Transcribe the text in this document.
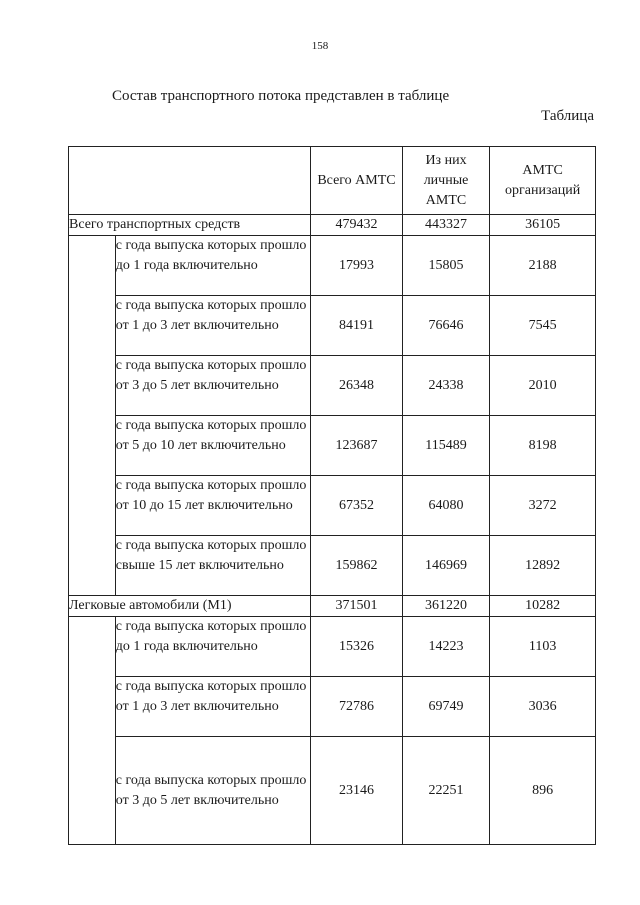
158
Состав транспортного потока представлен в таблице
Таблица
		Всего АМТС	Из них личные АМТС	АМТС организаций
Всего транспортных средств		479432	443327	36105
	с года выпуска которых прошло до 1 года включительно	17993	15805	2188
	с года выпуска которых прошло от 1 до 3 лет включительно	84191	76646	7545
	с года выпуска которых прошло от 3 до 5 лет включительно	26348	24338	2010
	с года выпуска которых прошло от 5 до 10 лет включительно	123687	115489	8198
	с года выпуска которых прошло от 10 до 15 лет включительно	67352	64080	3272
	с года выпуска которых прошло свыше 15 лет включительно	159862	146969	12892
Легковые автомобили (М1)		371501	361220	10282
	с года выпуска которых прошло до 1 года включительно	15326	14223	1103
	с года выпуска которых прошло от 1 до 3 лет включительно	72786	69749	3036
	с года выпуска которых прошло от 3 до 5 лет включительно	23146	22251	896
